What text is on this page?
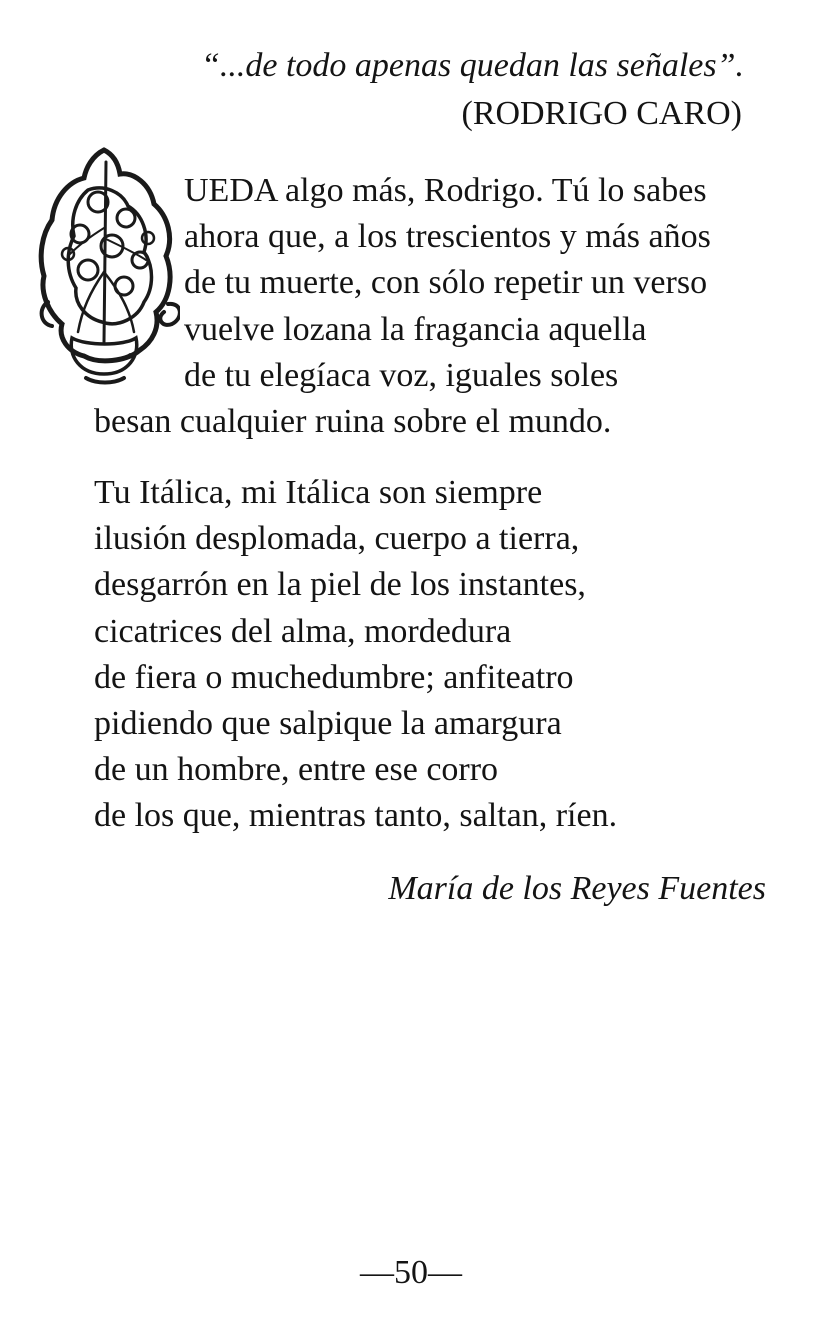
“...de todo apenas quedan las señales”.
(RODRIGO CARO)
UEDA algo más, Rodrigo. Tú lo sabes
ahora que, a los trescientos y más años
de tu muerte, con sólo repetir un verso
vuelve lozana la fragancia aquella
de tu elegíaca voz, iguales soles
besan cualquier ruina sobre el mundo.
Tu Itálica, mi Itálica son siempre
ilusión desplomada, cuerpo a tierra,
desgarrón en la piel de los instantes,
cicatrices del alma, mordedura
de fiera o muchedumbre; anfiteatro
pidiendo que salpique la amargura
de un hombre, entre ese corro
de los que, mientras tanto, saltan, ríen.
María de los Reyes Fuentes
—50—
